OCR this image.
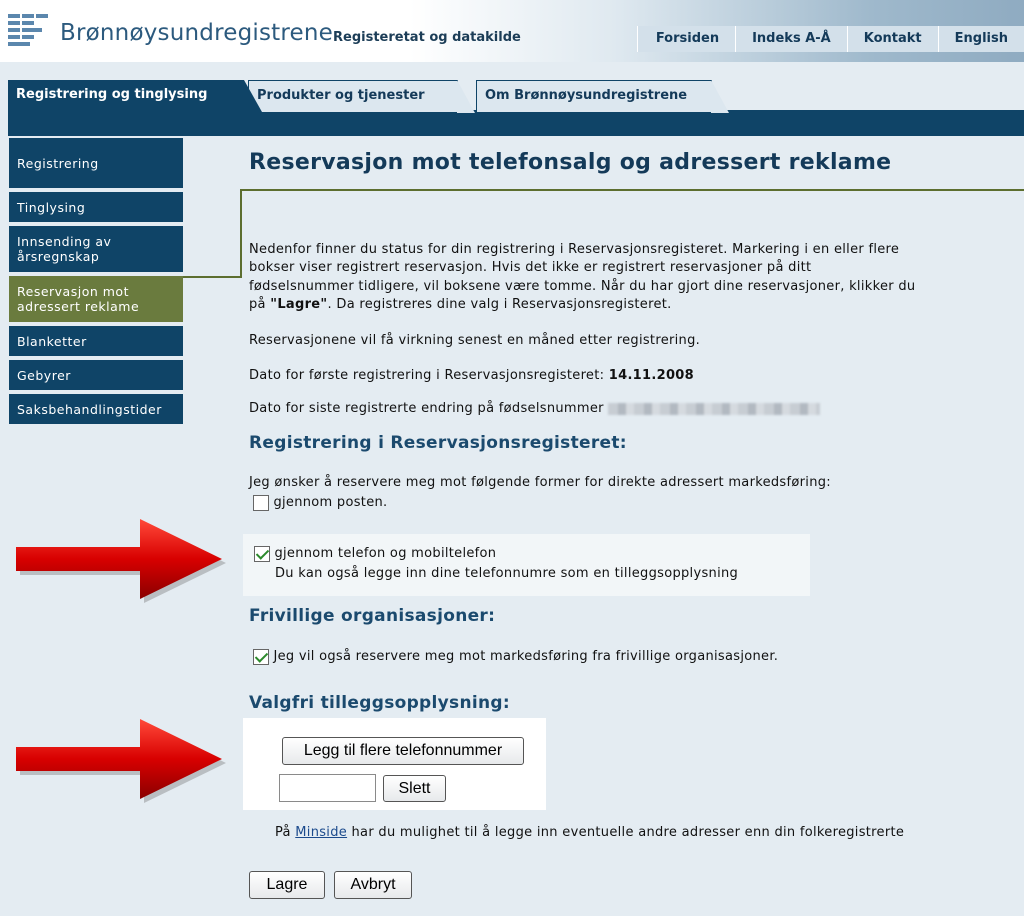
Brønnøysundregistrene Registeretat og datakilde	Forsiden	Indeks A-Å	Kontakt	English
Om Brønnøysundregistrene
Produkter og tjenester
Registrering og tinglysing
Registrering
Tinglysing
Innsending av årsregnskap
Reservasjon mot adressert reklame
Blanketter
Gebyrer
Saksbehandlingstider
Reservasjon mot telefonsalg og adressert reklame
Nedenfor finner du status for din registrering i Reservasjonsregisteret. Markering i en eller flere
bokser viser registrert reservasjon. Hvis det ikke er registrert reservasjoner på ditt
fødselsnummer tidligere, vil boksene være tomme. Når du har gjort dine reservasjoner, klikker du
på "Lagre". Da registreres dine valg i Reservasjonsregisteret.
Reservasjonene vil få virkning senest en måned etter registrering.
Dato for første registrering i Reservasjonsregisteret: 14.11.2008
Dato for siste registrerte endring på fødselsnummer
Registrering i Reservasjonsregisteret:
Jeg ønsker å reservere meg mot følgende former for direkte adressert markedsføring:
gjennom posten.
gjennom telefon og mobiltelefon
Du kan også legge inn dine telefonnumre som en tilleggsopplysning
Frivillige organisasjoner:
Jeg vil også reservere meg mot markedsføring fra frivillige organisasjoner.
Valgfri tilleggsopplysning:
Legg til flere telefonnummer
Slett
På Minside har du mulighet til å legge inn eventuelle andre adresser enn din folkeregistrerte
Lagre	Avbryt
